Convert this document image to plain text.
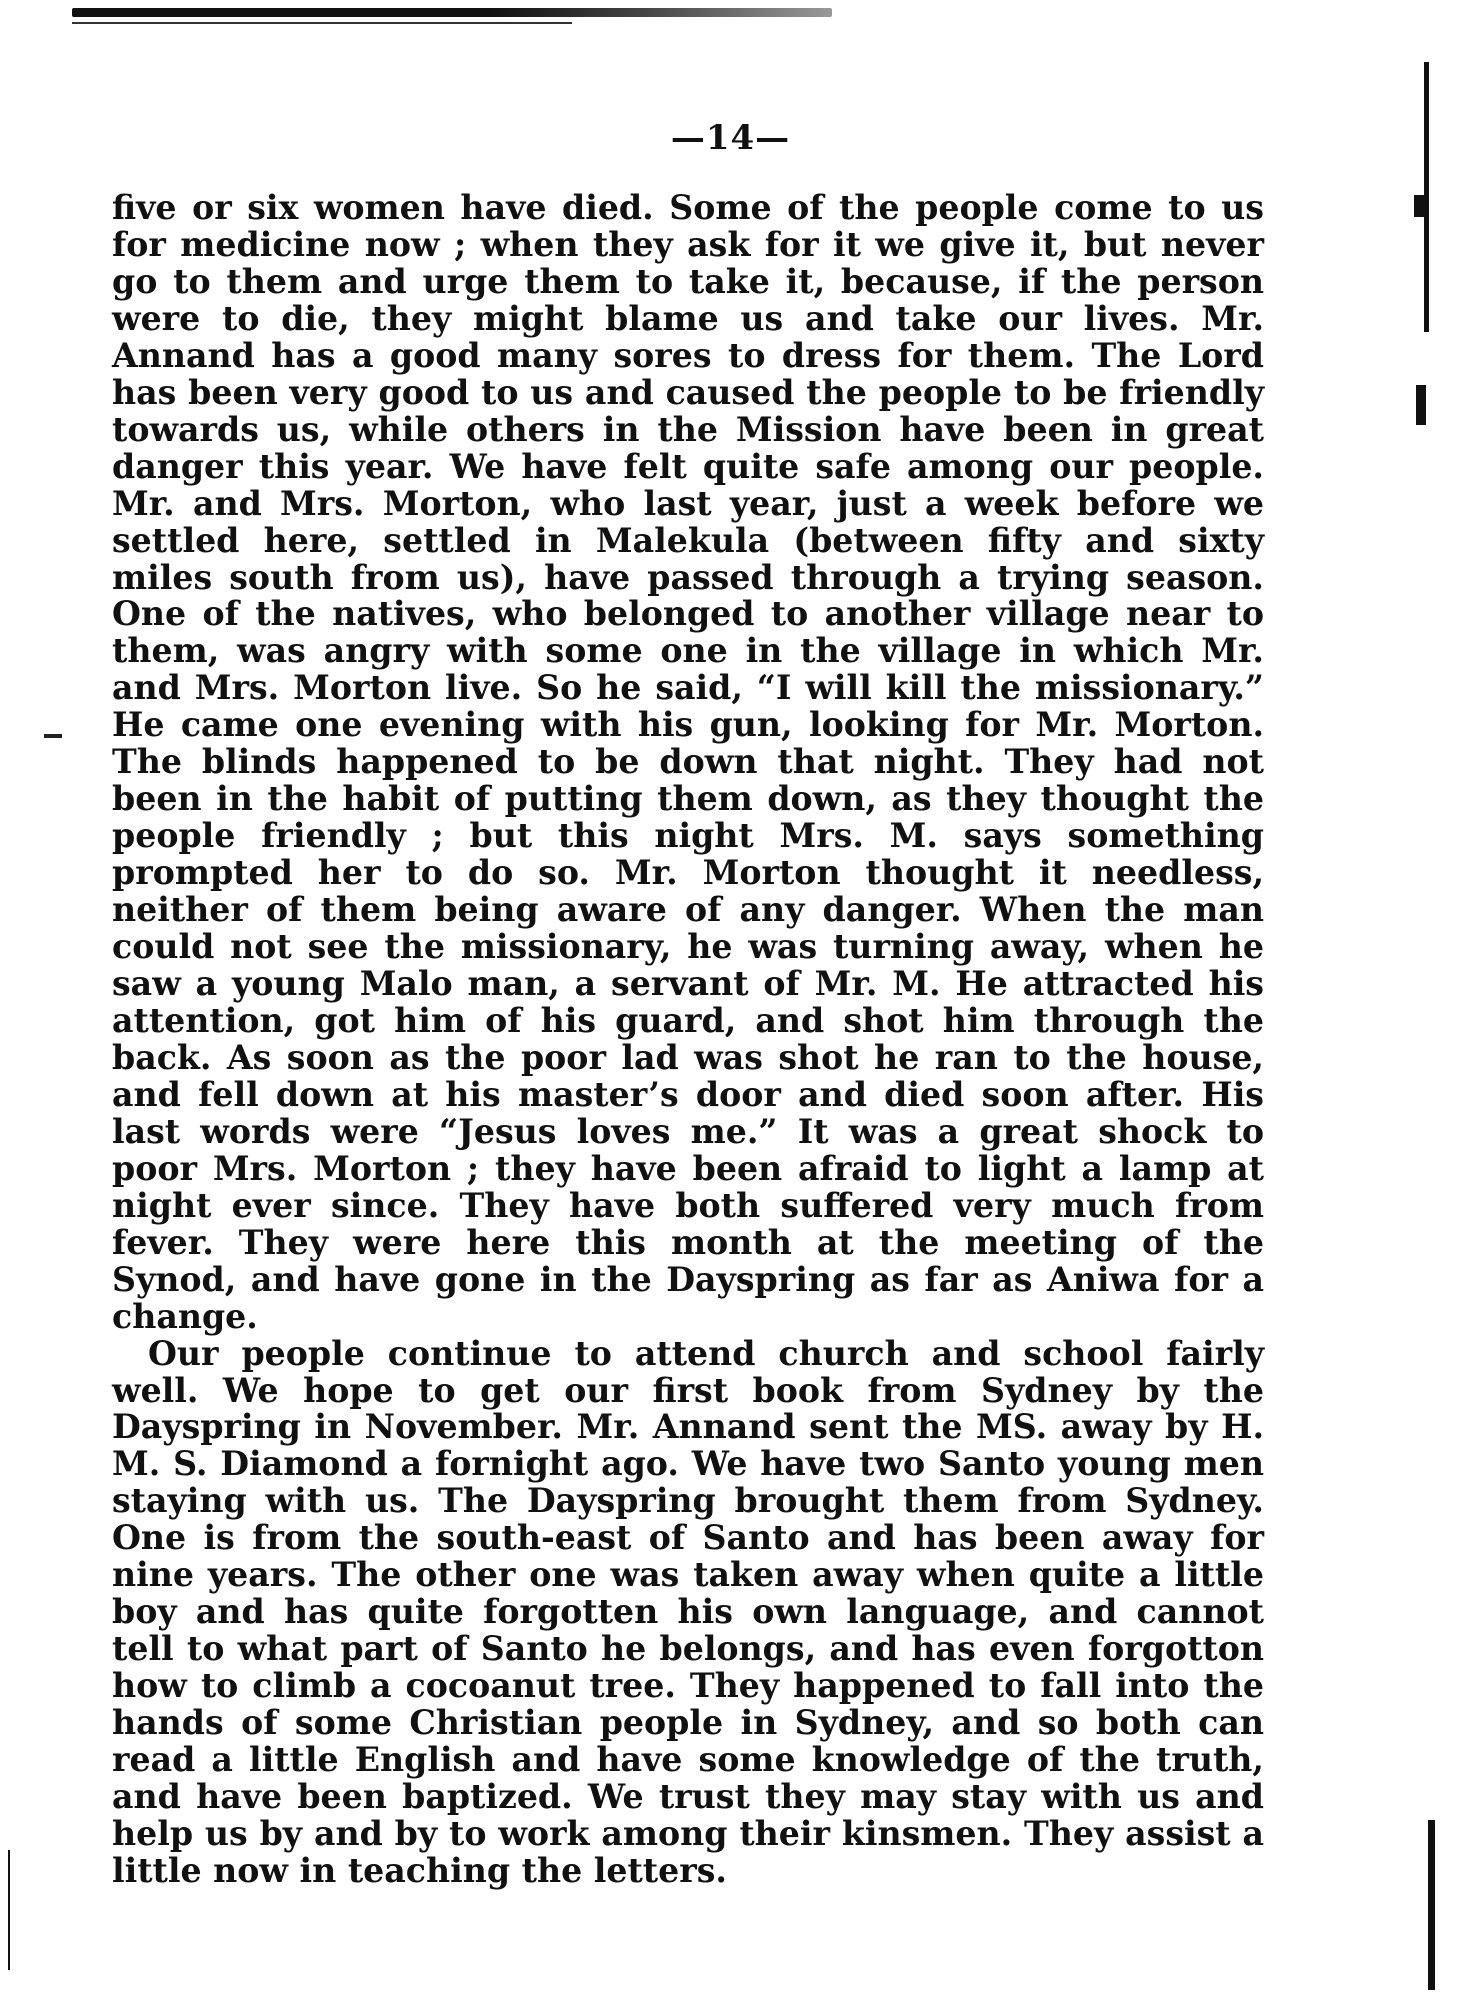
—14—

five or six women have died. Some of the people come to us for medicine now ; when they ask for it we give it, but never go to them and urge them to take it, because, if the person were to die, they might blame us and take our lives. Mr. Annand has a good many sores to dress for them. The Lord has been very good to us and caused the people to be friendly towards us, while others in the Mission have been in great danger this year. We have felt quite safe among our people. Mr. and Mrs. Morton, who last year, just a week before we settled here, settled in Malekula (between fifty and sixty miles south from us), have passed through a trying season. One of the natives, who belonged to another village near to them, was angry with some one in the village in which Mr. and Mrs. Morton live. So he said, “I will kill the missionary.” He came one evening with his gun, looking for Mr. Morton. The blinds happened to be down that night. They had not been in the habit of putting them down, as they thought the people friendly ; but this night Mrs. M. says something prompted her to do so. Mr. Morton thought it needless, neither of them being aware of any danger. When the man could not see the missionary, he was turning away, when he saw a young Malo man, a servant of Mr. M. He attracted his attention, got him of his guard, and shot him through the back. As soon as the poor lad was shot he ran to the house, and fell down at his master’s door and died soon after. His last words were “Jesus loves me.” It was a great shock to poor Mrs. Morton ; they have been afraid to light a lamp at night ever since. They have both suffered very much from fever. They were here this month at the meeting of the Synod, and have gone in the Dayspring as far as Aniwa for a change.

Our people continue to attend church and school fairly well. We hope to get our first book from Sydney by the Dayspring in November. Mr. Annand sent the MS. away by H. M. S. Diamond a fornight ago. We have two Santo young men staying with us. The Dayspring brought them from Sydney. One is from the south-east of Santo and has been away for nine years. The other one was taken away when quite a little boy and has quite forgotten his own language, and cannot tell to what part of Santo he belongs, and has even forgotton how to climb a cocoanut tree. They happened to fall into the hands of some Christian people in Sydney, and so both can read a little English and have some knowledge of the truth, and have been baptized. We trust they may stay with us and help us by and by to work among their kinsmen. They assist a little now in teaching the letters.
